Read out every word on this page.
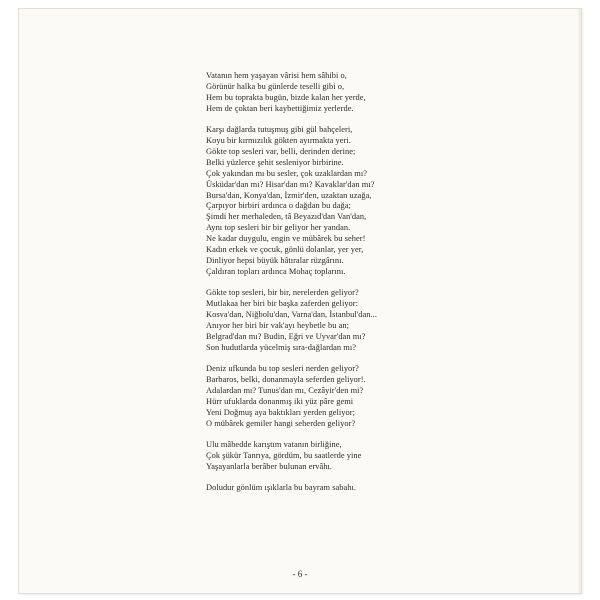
Vatanın hem yaşayan vârisi hem sâhibi o,
Görünür halka bu günlerde teselli gibi o,
Hem bu toprakta bugün, bizde kalan her yerde,
Hem de çoktan beri kaybettiğimiz yerlerde.
Karşı dağlarda tutuşmuş gibi gül bahçeleri,
Koyu bir kırmızılık gökten ayırmakta yeri.
Gökte top sesleri var, belli, derinden derine;
Belki yüzlerce şehit sesleniyor birbirine.
Çok yakından mı bu sesler, çok uzaklardan mı?
Üsküdar'dan mı? Hisar'dan mı? Kavaklar'dan mı?
Bursa'dan, Konya'dan, İzmir'den, uzaktan uzağa,
Çarpıyor birbiri ardınca o dağdan bu dağa;
Şimdi her merhaleden, tâ Beyazıd'dan Van'dan,
Aynı top sesleri bir bir geliyor her yandan.
Ne kadar duygulu, engin ve mübârek bu seher!
Kadın erkek ve çocuk, gönlü dolanlar, yer yer,
Dinliyor hepsi büyük hâtıralar rüzgârını.
Çaldıran topları ardınca Mohaç toplarını.
Gökte top sesleri, bir bir, nerelerden geliyor?
Mutlakaa her biri bir başka zaferden geliyor:
Kosva'dan, Niğbolu'dan, Varna'dan, İstanbul'dan...
Anıyor her biri bir vak'ayı heybetle bu an;
Belgrad'dan mı? Budin, Eğri ve Uyvar'dan mı?
Son hudutlarda yücelmiş sıra-dağlardan mı?
Deniz ufkunda bu top sesleri nerden geliyor?
Barbaros, belki, donanmayla seferden geliyor!.
Adalardan mı? Tunus'dan mı, Cezâyir'den mi?
Hürr ufuklarda donanmış iki yüz pâre gemi
Yeni Doğmuş aya baktıkları yerden geliyor;
O mübârek gemiler hangi seherden geliyor?
Ulu mâbedde karıştım vatanın birliğine,
Çok şükür Tanrıya, gördüm, bu saatlerde yine
Yaşayanlarla berâber bulunan ervâhı.
Doludur gönlüm ışıklarla bu bayram sabahı.
- 6 -
